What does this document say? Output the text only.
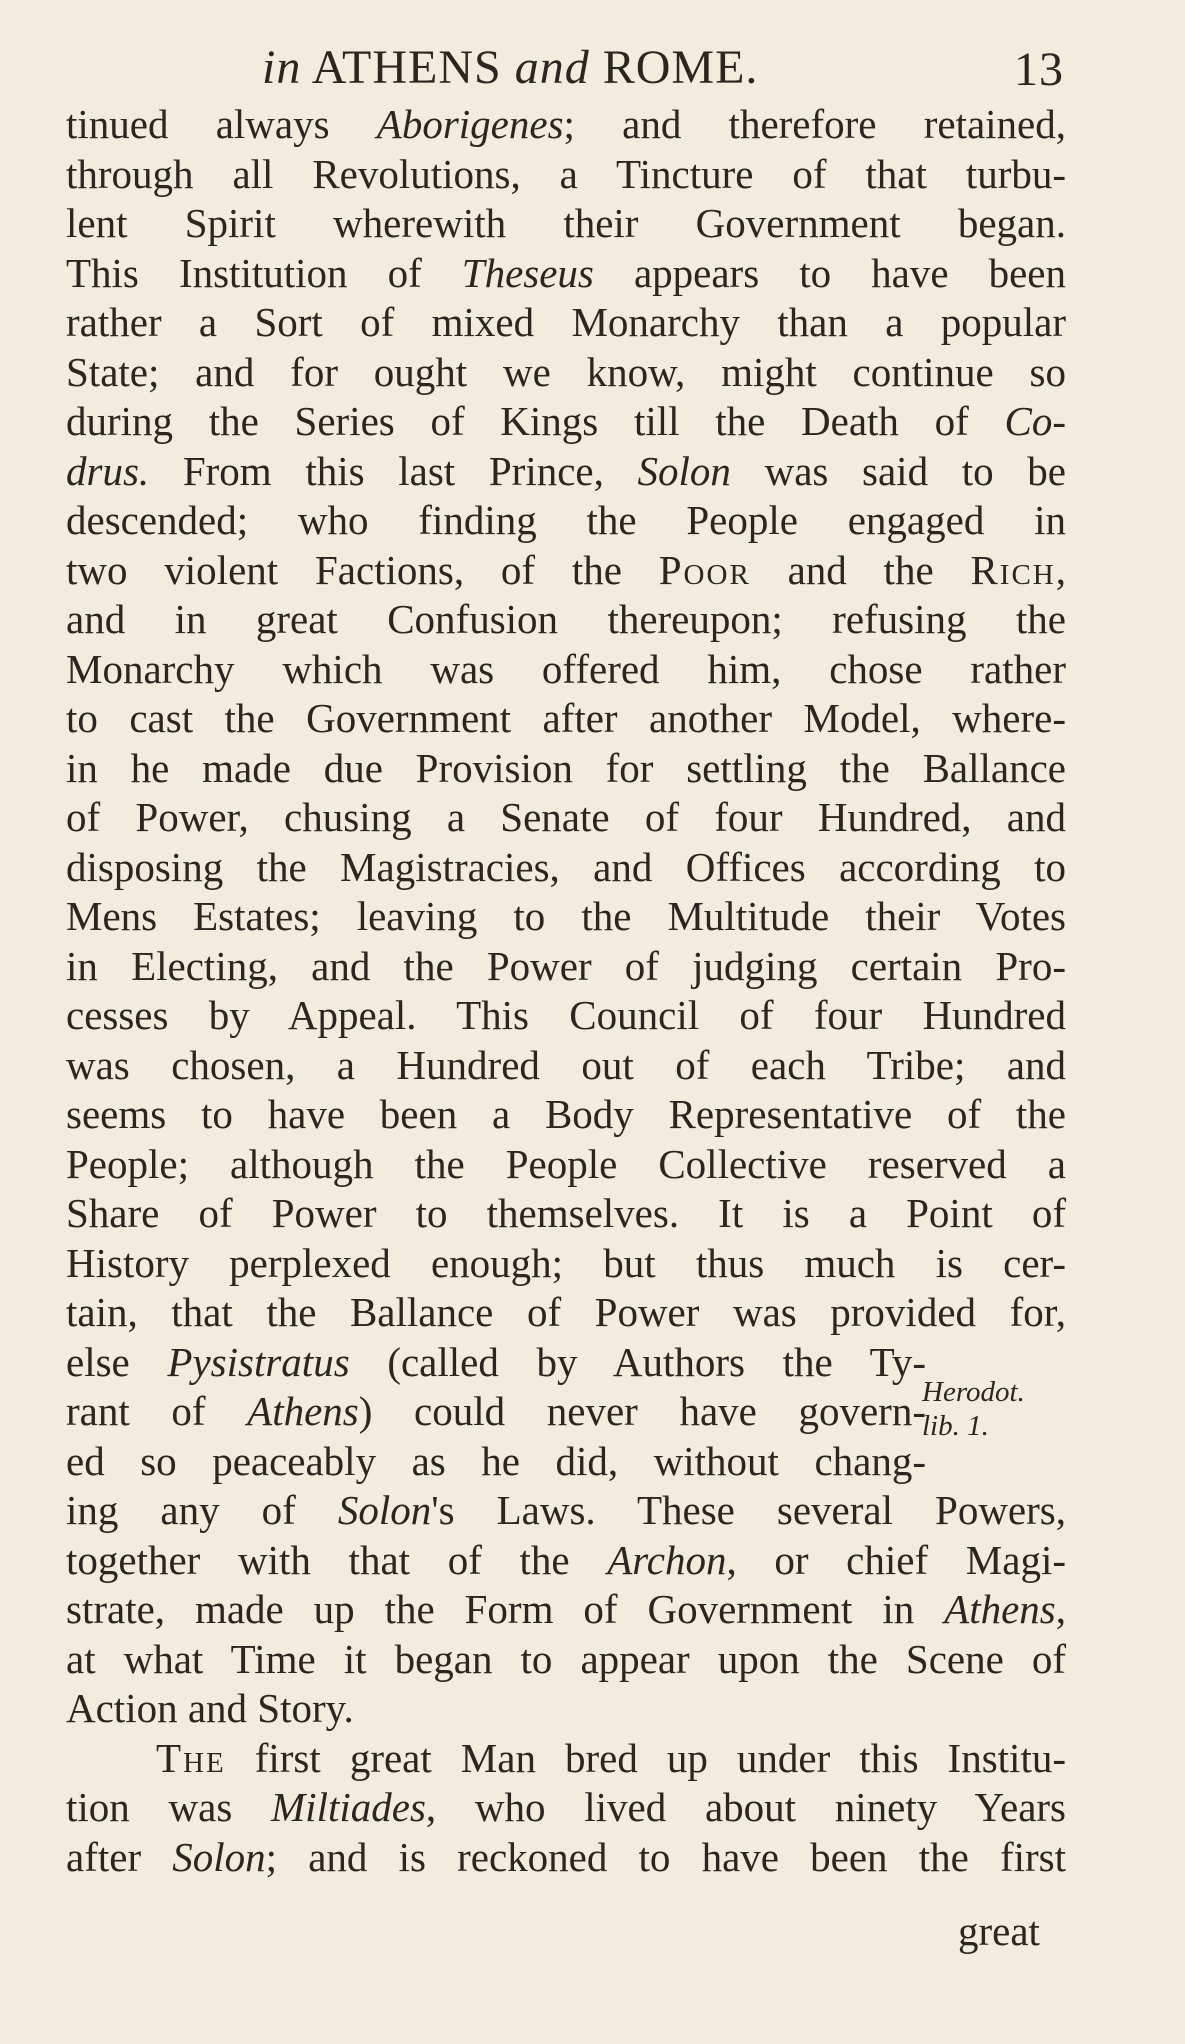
in ATHENS and ROME.	13
tinued always Aborigenes; and therefore retained,
through all Revolutions, a Tincture of that turbu-
lent Spirit wherewith their Government began.
This Institution of Theseus appears to have been
rather a Sort of mixed Monarchy than a popular
State; and for ought we know, might continue so
during the Series of Kings till the Death of Co-
drus. From this last Prince, Solon was said to be
descended; who finding the People engaged in
two violent Factions, of the Poor and the Rich,
and in great Confusion thereupon; refusing the
Monarchy which was offered him, chose rather
to cast the Government after another Model, where-
in he made due Provision for settling the Ballance
of Power, chusing a Senate of four Hundred, and
disposing the Magistracies, and Offices according to
Mens Estates; leaving to the Multitude their Votes
in Electing, and the Power of judging certain Pro-
cesses by Appeal. This Council of four Hundred
was chosen, a Hundred out of each Tribe; and
seems to have been a Body Representative of the
People; although the People Collective reserved a
Share of Power to themselves. It is a Point of
History perplexed enough; but thus much is cer-
tain, that the Ballance of Power was provided for,
else Pysistratus (called by Authors the Ty-
rant of Athens) could never have govern-
ed so peaceably as he did, without chang-
ing any of Solon's Laws. These several Powers,
together with that of the Archon, or chief Magi-
strate, made up the Form of Government in Athens,
at what Time it began to appear upon the Scene of
Action and Story.
The first great Man bred up under this Institu-
tion was Miltiades, who lived about ninety Years
after Solon; and is reckoned to have been the first
Herodot.
lib. 1.
great
